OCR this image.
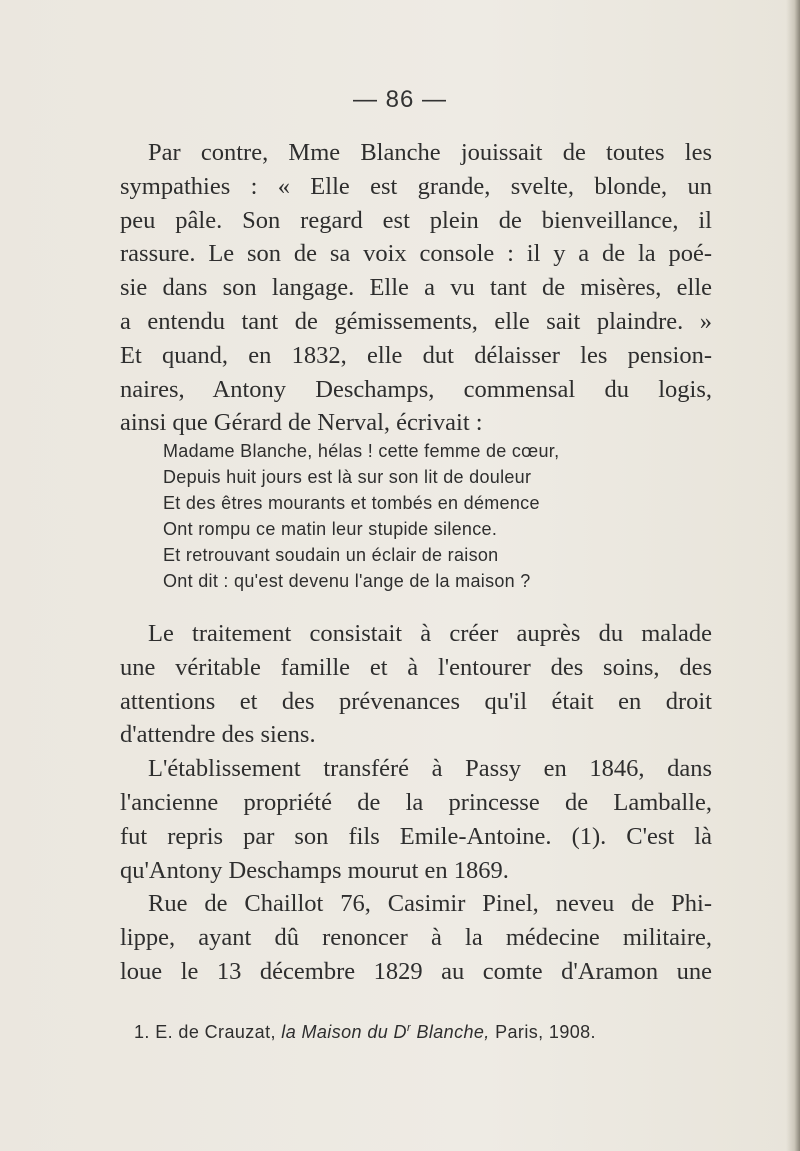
— 86 —
Par contre, Mme Blanche jouissait de toutes les
sympathies : « Elle est grande, svelte, blonde, un
peu pâle. Son regard est plein de bienveillance, il
rassure. Le son de sa voix console : il y a de la poé-
sie dans son langage. Elle a vu tant de misères, elle
a entendu tant de gémissements, elle sait plaindre. »
Et quand, en 1832, elle dut délaisser les pension-
naires, Antony Deschamps, commensal du logis,
ainsi que Gérard de Nerval, écrivait :
Madame Blanche, hélas ! cette femme de cœur,
Depuis huit jours est là sur son lit de douleur
Et des êtres mourants et tombés en démence
Ont rompu ce matin leur stupide silence.
Et retrouvant soudain un éclair de raison
Ont dit : qu'est devenu l'ange de la maison ?
Le traitement consistait à créer auprès du malade
une véritable famille et à l'entourer des soins, des
attentions et des prévenances qu'il était en droit
d'attendre des siens.
L'établissement transféré à Passy en 1846, dans
l'ancienne propriété de la princesse de Lamballe,
fut repris par son fils Emile-Antoine. (1). C'est là
qu'Antony Deschamps mourut en 1869.
Rue de Chaillot 76, Casimir Pinel, neveu de Phi-
lippe, ayant dû renoncer à la médecine militaire,
loue le 13 décembre 1829 au comte d'Aramon une
1. E. de Crauzat, la Maison du $D^r$ Blanche, Paris, 1908.
